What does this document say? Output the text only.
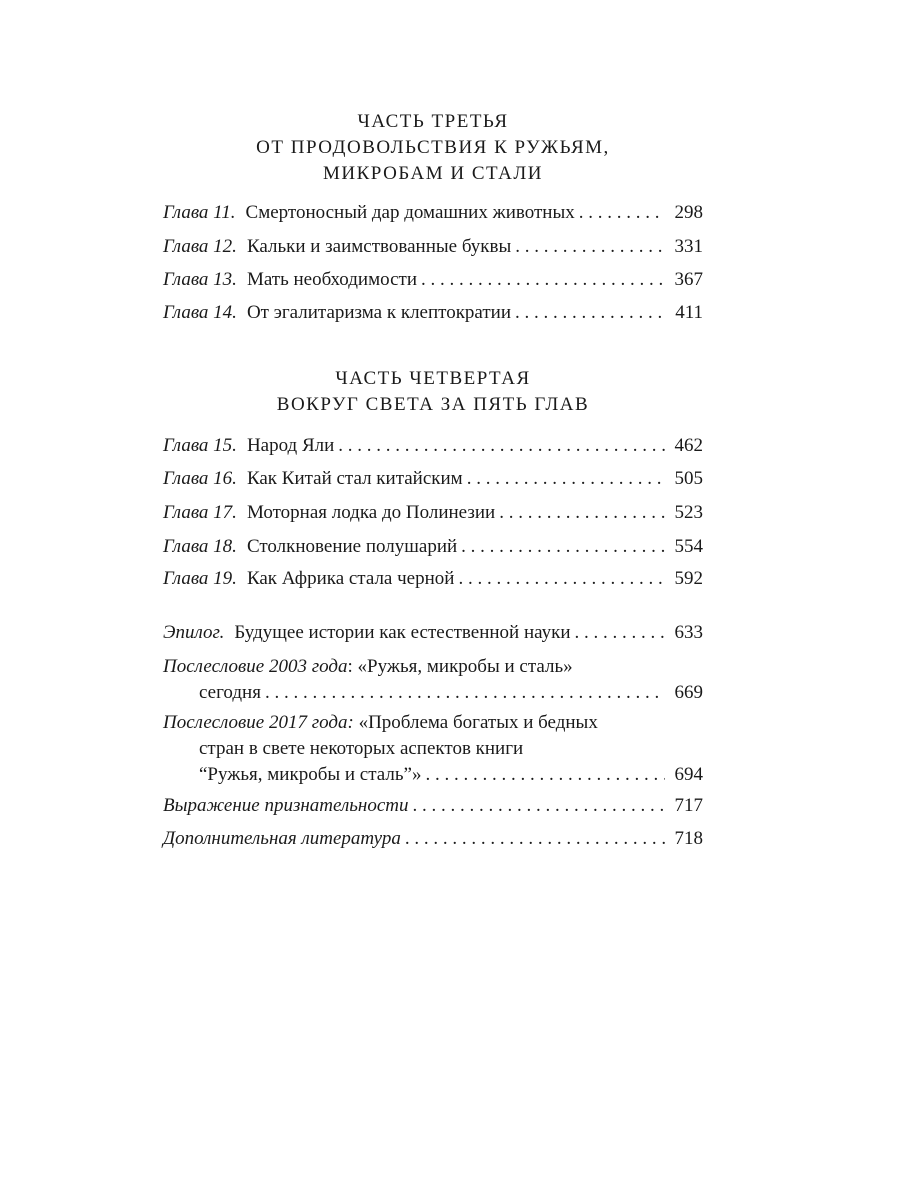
ЧАСТЬ ТРЕТЬЯ
ОТ ПРОДОВОЛЬСТВИЯ К РУЖЬЯМ,
МИКРОБАМ И СТАЛИ
Глава 11. Смертоносный дар домашних животных . . .	298
Глава 12. Кальки и заимствованные буквы . . .	331
Глава 13. Мать необходимости . . .	367
Глава 14. От эгалитаризма к клептократии . . .	411
ЧАСТЬ ЧЕТВЕРТАЯ
ВОКРУГ СВЕТА ЗА ПЯТЬ ГЛАВ
Глава 15. Народ Яли . . .	462
Глава 16. Как Китай стал китайским . . .	505
Глава 17. Моторная лодка до Полинезии . . .	523
Глава 18. Столкновение полушарий . . .	554
Глава 19. Как Африка стала черной . . .	592
Эпилог. Будущее истории как естественной науки . . .	633
Послесловие 2003 года: «Ружья, микробы и сталь»
сегодня . . .	669
Послесловие 2017 года: «Проблема богатых и бедных
стран в свете некоторых аспектов книги
“Ружья, микробы и сталь”» . . .	694
Выражение признательности . . .	717
Дополнительная литература . . .	718
